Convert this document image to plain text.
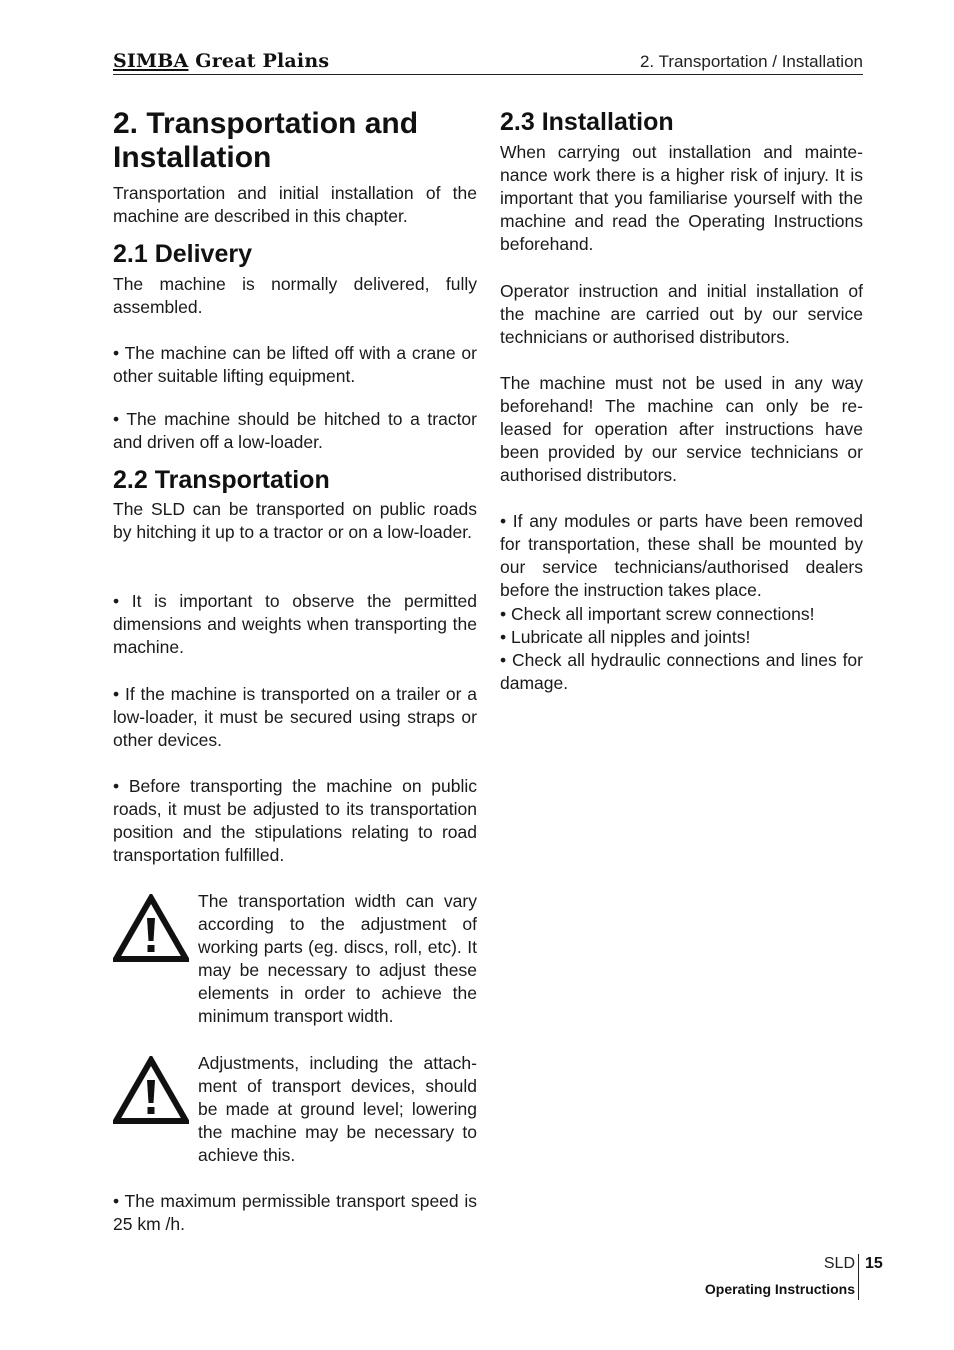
SIMBA Great Plains	2. Transportation / Installation
2. Transportation and
Installation

Transportation and initial installation of the machine are described in this chapter.

2.1 Delivery

The machine is normally delivered, fully assembled.

• The machine can be lifted off with a crane or other suitable lifting equipment.

• The machine should be hitched to a tractor and driven off a low-loader.

2.2 Transportation

The SLD can be transported on public roads by hitching it up to a tractor or on a low-loader.

• It is important to observe the permitted dimensions and weights when transporting the machine.

• If the machine is transported on a trailer or a low-loader, it must be secured using straps or other devices.

• Before transporting the machine on public roads, it must be adjusted to its transportation position and the stipulations relating to road transportation fulfilled.

The transportation width can vary according to the adjustment of working parts (eg. discs, roll, etc). It may be necessary to adjust these elements in order to achieve the minimum transport width.

Adjustments, including the attachment of transport devices, should be made at ground level; lowering the machine may be necessary to achieve this.

• The maximum permissible transport speed is 25 km /h.

2.3 Installation

When carrying out installation and maintenance work there is a higher risk of injury. It is important that you familiarise yourself with the machine and read the Operating Instructions beforehand.

Operator instruction and initial installation of the machine are carried out by our service technicians or authorised distributors.

The machine must not be used in any way beforehand! The machine can only be released for operation after instructions have been provided by our service technicians or authorised distributors.

• If any modules or parts have been removed for transportation, these shall be mounted by our service technicians/authorised dealers before the instruction takes place.

• Check all important screw connections!

• Lubricate all nipples and joints!

• Check all hydraulic connections and lines for damage.

SLD 15
Operating Instructions
